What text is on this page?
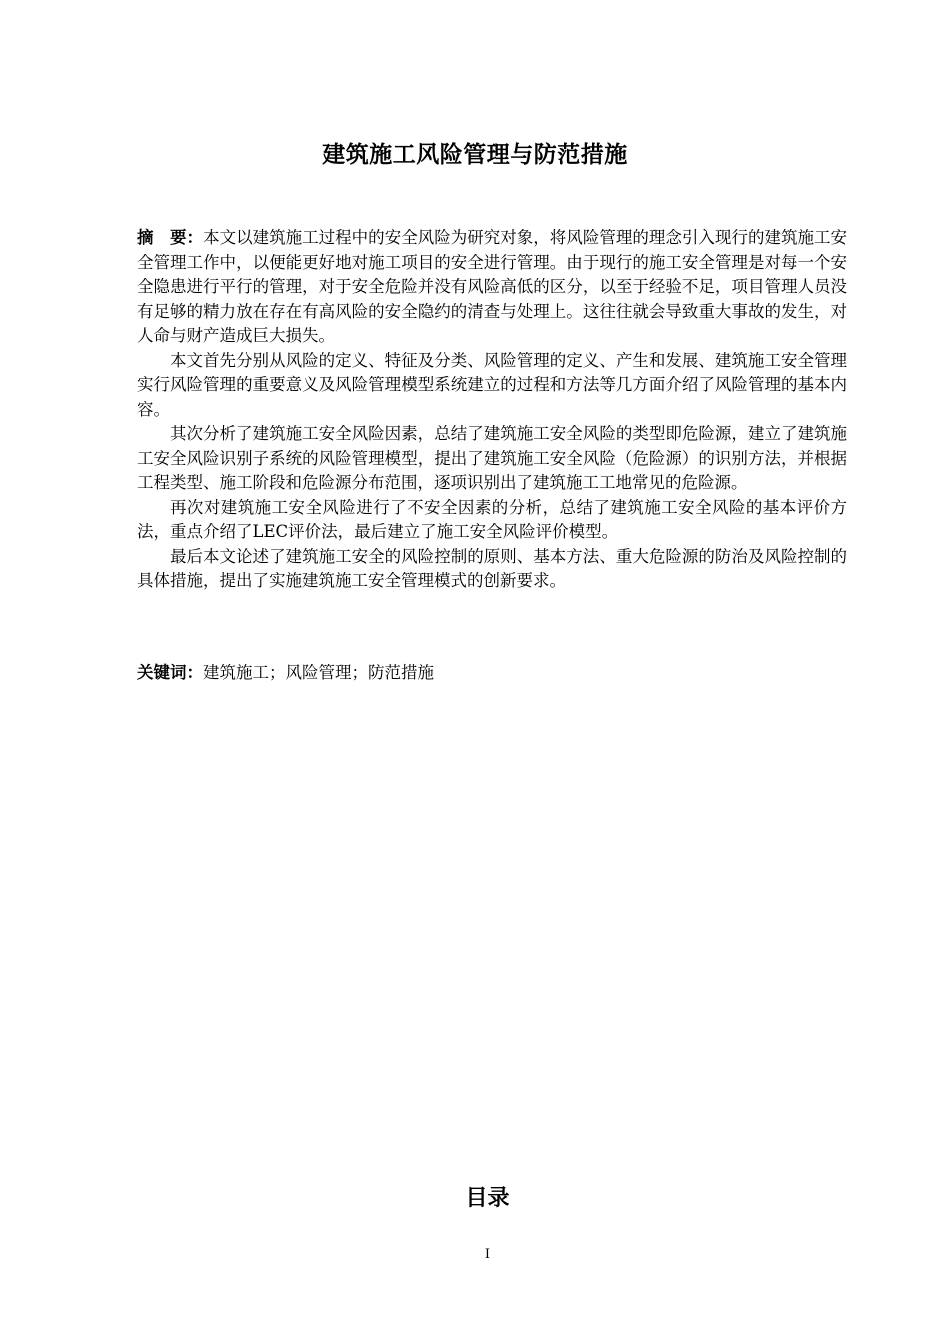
建筑施工风险管理与防范措施

摘　要：本文以建筑施工过程中的安全风险为研究对象，将风险管理的理念引入现行的建筑施工安全管理工作中，以便能更好地对施工项目的安全进行管理。由于现行的施工安全管理是对每一个安全隐患进行平行的管理，对于安全危险并没有风险高低的区分，以至于经验不足，项目管理人员没有足够的精力放在存在有高风险的安全隐约的清查与处理上。这往往就会导致重大事故的发生，对人命与财产造成巨大损失。

本文首先分别从风险的定义、特征及分类、风险管理的定义、产生和发展、建筑施工安全管理实行风险管理的重要意义及风险管理模型系统建立的过程和方法等几方面介绍了风险管理的基本内容。

其次分析了建筑施工安全风险因素，总结了建筑施工安全风险的类型即危险源，建立了建筑施工安全风险识别子系统的风险管理模型，提出了建筑施工安全风险（危险源）的识别方法，并根据工程类型、施工阶段和危险源分布范围，逐项识别出了建筑施工工地常见的危险源。

再次对建筑施工安全风险进行了不安全因素的分析，总结了建筑施工安全风险的基本评价方法，重点介绍了LEC评价法，最后建立了施工安全风险评价模型。

最后本文论述了建筑施工安全的风险控制的原则、基本方法、重大危险源的防治及风险控制的具体措施，提出了实施建筑施工安全管理模式的创新要求。

关键词：建筑施工；风险管理；防范措施

目录
I
